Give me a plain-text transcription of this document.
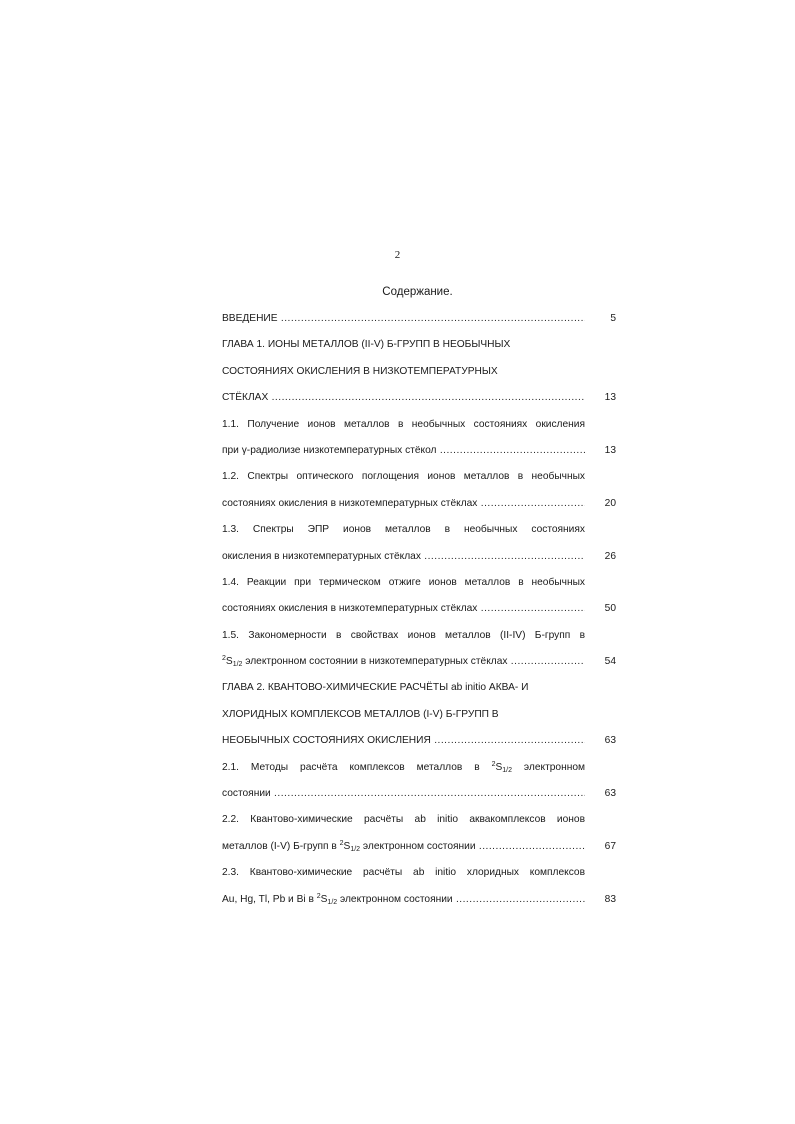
2
Содержание.
ВВЕДЕНИЕ .....	5
ГЛАВА 1. ИОНЫ МЕТАЛЛОВ (II-V) Б-ГРУПП В НЕОБЫЧНЫХ
СОСТОЯНИЯХ ОКИСЛЕНИЯ В НИЗКОТЕМПЕРАТУРНЫХ
СТЁКЛАХ .....	13
1.1. Получение ионов металлов в необычных состояниях окисления
при γ-радиолизе низкотемпературных стёкол .....	13
1.2. Спектры оптического поглощения ионов металлов в необычных
состояниях окисления в низкотемпературных стёклах .....	20
1.3. Спектры ЭПР ионов металлов в необычных состояниях
окисления в низкотемпературных стёклах .....	26
1.4. Реакции при термическом отжиге ионов металлов в необычных
состояниях окисления в низкотемпературных стёклах .....	50
1.5. Закономерности в свойствах ионов металлов (II-IV) Б-групп в
$^2S_{1/2}$ электронном состоянии в низкотемпературных стёклах .....	54
ГЛАВА 2. КВАНТОВО-ХИМИЧЕСКИЕ РАСЧЁТЫ ab initio АКВА- И
ХЛОРИДНЫХ КОМПЛЕКСОВ МЕТАЛЛОВ (I-V) Б-ГРУПП В
НЕОБЫЧНЫХ СОСТОЯНИЯХ ОКИСЛЕНИЯ .....	63
2.1. Методы расчёта комплексов металлов в $^2S_{1/2}$ электронном
состоянии .....	63
2.2. Квантово-химические расчёты ab initio аквакомплексов ионов
металлов (I-V) Б-групп в $^2S_{1/2}$ электронном состоянии .....	67
2.3. Квантово-химические расчёты ab initio хлоридных комплексов
Au, Hg, Tl, Pb и Bi в $^2S_{1/2}$ электронном состоянии .....	83
